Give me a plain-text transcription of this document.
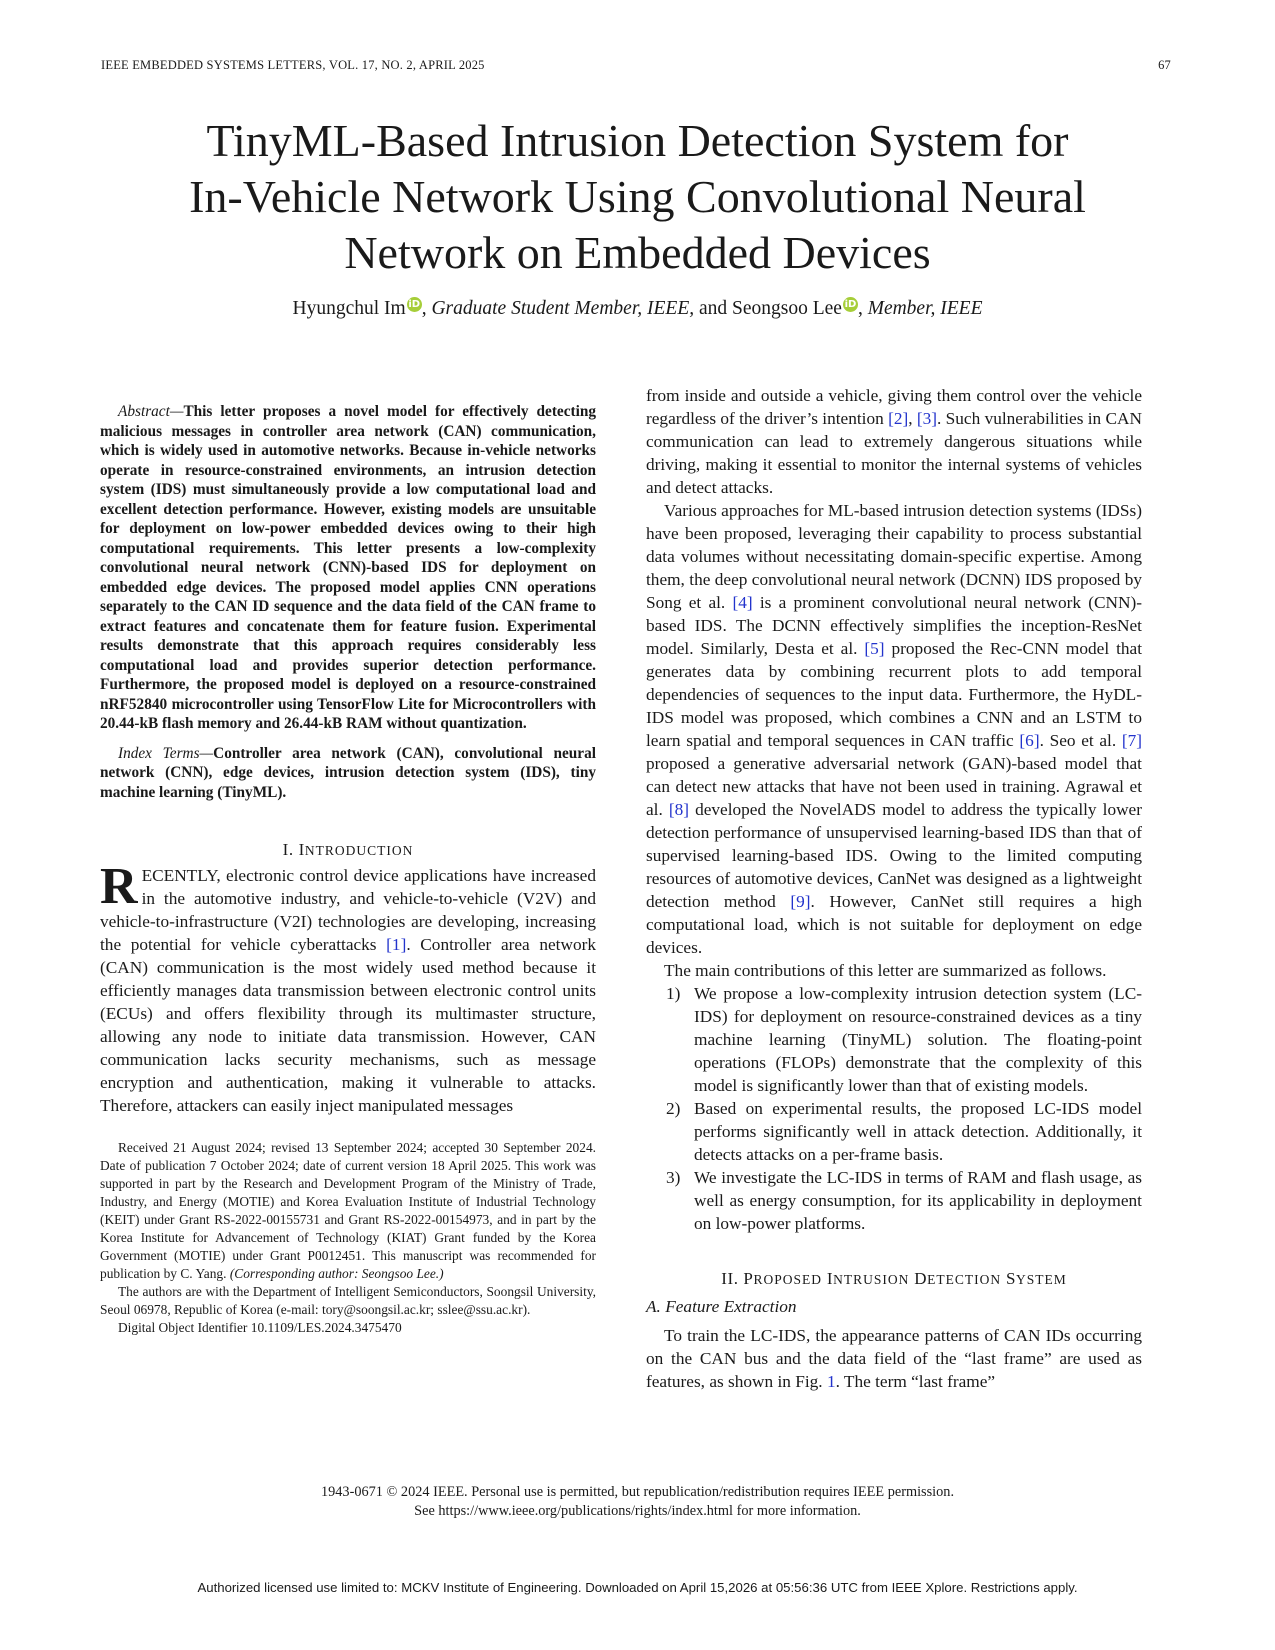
IEEE EMBEDDED SYSTEMS LETTERS, VOL. 17, NO. 2, APRIL 2025	67
TinyML-Based Intrusion Detection System for
In-Vehicle Network Using Convolutional Neural
Network on Embedded Devices
Hyungchul Im iD, Graduate Student Member, IEEE, and Seongsoo Lee iD, Member, IEEE

Abstract—This letter proposes a novel model for effectively detecting malicious messages in controller area network (CAN) communication, which is widely used in automotive networks. Because in-vehicle networks operate in resource-constrained environments, an intrusion detection system (IDS) must simultaneously provide a low computational load and excellent detection performance. However, existing models are unsuitable for deployment on low-power embedded devices owing to their high computational requirements. This letter presents a low-complexity convolutional neural network (CNN)-based IDS for deployment on embedded edge devices. The proposed model applies CNN operations separately to the CAN ID sequence and the data field of the CAN frame to extract features and concatenate them for feature fusion. Experimental results demonstrate that this approach requires considerably less computational load and provides superior detection performance. Furthermore, the proposed model is deployed on a resource-constrained nRF52840 microcontroller using TensorFlow Lite for Microcontrollers with 20.44-kB flash memory and 26.44-kB RAM without quantization.

Index Terms—Controller area network (CAN), convolutional neural network (CNN), edge devices, intrusion detection system (IDS), tiny machine learning (TinyML).

I. INTRODUCTION

RECENTLY, electronic control device applications have increased in the automotive industry, and vehicle-to-vehicle (V2V) and vehicle-to-infrastructure (V2I) technologies are developing, increasing the potential for vehicle cyberattacks [1]. Controller area network (CAN) communication is the most widely used method because it efficiently manages data transmission between electronic control units (ECUs) and offers flexibility through its multimaster structure, allowing any node to initiate data transmission. However, CAN communication lacks security mechanisms, such as message encryption and authentication, making it vulnerable to attacks. Therefore, attackers can easily inject manipulated messages

Received 21 August 2024; revised 13 September 2024; accepted 30 September 2024. Date of publication 7 October 2024; date of current version 18 April 2025. This work was supported in part by the Research and Development Program of the Ministry of Trade, Industry, and Energy (MOTIE) and Korea Evaluation Institute of Industrial Technology (KEIT) under Grant RS-2022-00155731 and Grant RS-2022-00154973, and in part by the Korea Institute for Advancement of Technology (KIAT) Grant funded by the Korea Government (MOTIE) under Grant P0012451. This manuscript was recommended for publication by C. Yang. (Corresponding author: Seongsoo Lee.)

The authors are with the Department of Intelligent Semiconductors, Soongsil University, Seoul 06978, Republic of Korea (e-mail: tory@soongsil.ac.kr; sslee@ssu.ac.kr).

Digital Object Identifier 10.1109/LES.2024.3475470

from inside and outside a vehicle, giving them control over the vehicle regardless of the driver’s intention [2], [3]. Such vulnerabilities in CAN communication can lead to extremely dangerous situations while driving, making it essential to monitor the internal systems of vehicles and detect attacks.

Various approaches for ML-based intrusion detection systems (IDSs) have been proposed, leveraging their capability to process substantial data volumes without necessitating domain-specific expertise. Among them, the deep convolutional neural network (DCNN) IDS proposed by Song et al. [4] is a prominent convolutional neural network (CNN)-based IDS. The DCNN effectively simplifies the inception-ResNet model. Similarly, Desta et al. [5] proposed the Rec-CNN model that generates data by combining recurrent plots to add temporal dependencies of sequences to the input data. Furthermore, the HyDL-IDS model was proposed, which combines a CNN and an LSTM to learn spatial and temporal sequences in CAN traffic [6]. Seo et al. [7] proposed a generative adversarial network (GAN)-based model that can detect new attacks that have not been used in training. Agrawal et al. [8] developed the NovelADS model to address the typically lower detection performance of unsupervised learning-based IDS than that of supervised learning-based IDS. Owing to the limited computing resources of automotive devices, CanNet was designed as a lightweight detection method [9]. However, CanNet still requires a high computational load, which is not suitable for deployment on edge devices.

The main contributions of this letter are summarized as follows.

1) We propose a low-complexity intrusion detection system (LC-IDS) for deployment on resource-constrained devices as a tiny machine learning (TinyML) solution. The floating-point operations (FLOPs) demonstrate that the complexity of this model is significantly lower than that of existing models.
2) Based on experimental results, the proposed LC-IDS model performs significantly well in attack detection. Additionally, it detects attacks on a per-frame basis.
3) We investigate the LC-IDS in terms of RAM and flash usage, as well as energy consumption, for its applicability in deployment on low-power platforms.
II. PROPOSED INTRUSION DETECTION SYSTEM

A. Feature Extraction

To train the LC-IDS, the appearance patterns of CAN IDs occurring on the CAN bus and the data field of the “last frame” are used as features, as shown in Fig. 1. The term “last frame”

1943-0671 © 2024 IEEE. Personal use is permitted, but republication/redistribution requires IEEE permission.
See https://www.ieee.org/publications/rights/index.html for more information.
Authorized licensed use limited to: MCKV Institute of Engineering. Downloaded on April 15,2026 at 05:56:36 UTC from IEEE Xplore. Restrictions apply.
